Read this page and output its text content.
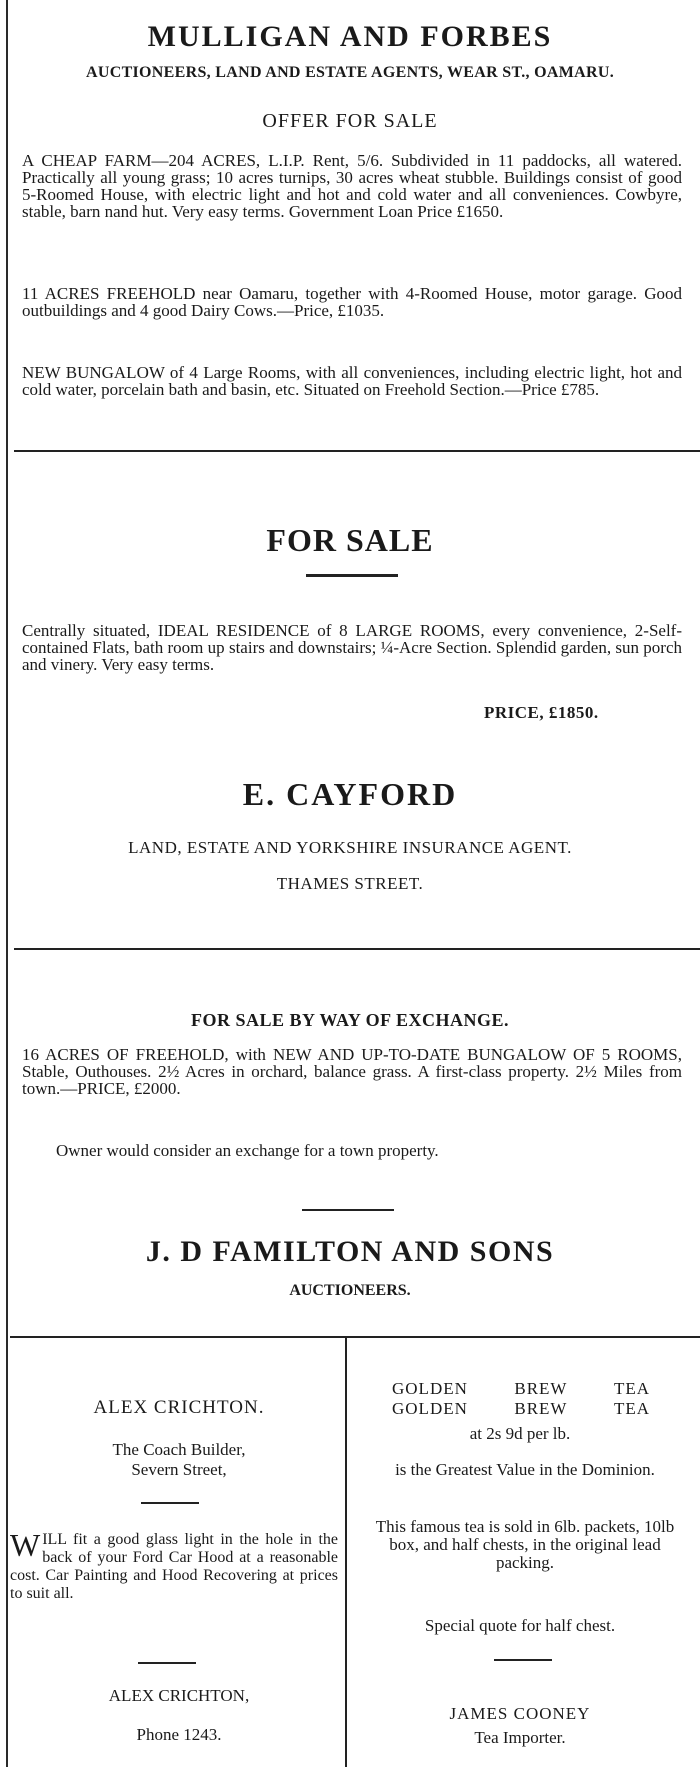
MULLIGAN AND FORBES
AUCTIONEERS, LAND AND ESTATE AGENTS, WEAR ST., OAMARU.
OFFER FOR SALE
A CHEAP FARM—204 ACRES, L.I.P. Rent, 5/6. Subdivided in 11 paddocks, all watered. Practically all young grass; 10 acres turnips, 30 acres wheat stubble. Buildings consist of good 5-Roomed House, with electric light and hot and cold water and all conveniences. Cowbyre, stable, barn nand hut. Very easy terms. Government Loan Price £1650.
11 ACRES FREEHOLD near Oamaru, together with 4-Roomed House, motor garage. Good outbuildings and 4 good Dairy Cows.—Price, £1035.
NEW BUNGALOW of 4 Large Rooms, with all conveniences, including electric light, hot and cold water, porcelain bath and basin, etc. Situated on Freehold Section.—Price £785.
FOR SALE
Centrally situated, IDEAL RESIDENCE of 8 LARGE ROOMS, every convenience, 2-Self-contained Flats, bath room up stairs and downstairs; ¼-Acre Section. Splendid garden, sun porch and vinery. Very easy terms.
PRICE, £1850.
E. CAYFORD
LAND, ESTATE AND YORKSHIRE INSURANCE AGENT.
THAMES STREET.
FOR SALE BY WAY OF EXCHANGE.
16 ACRES OF FREEHOLD, with NEW AND UP-TO-DATE BUNGALOW OF 5 ROOMS, Stable, Outhouses. 2½ Acres in orchard, balance grass. A first-class property. 2½ Miles from town.—PRICE, £2000.
Owner would consider an exchange for a town property.
J. D FAMILTON AND SONS
AUCTIONEERS.
ALEX CRICHTON.
The Coach Builder,
Severn Street,
WILL fit a good glass light in the hole in the back of your Ford Car Hood at a reasonable cost. Car Painting and Hood Recovering at prices to suit all.
ALEX CRICHTON,
Phone 1243.
GOLDEN	BREW	TEA
GOLDEN	BREW	TEA
at 2s 9d per lb.
is the Greatest Value in the Dominion.
This famous tea is sold in 6lb. packets, 10lb box, and half chests, in the original lead packing.
Special quote for half chest.
JAMES COONEY
Tea Importer.
